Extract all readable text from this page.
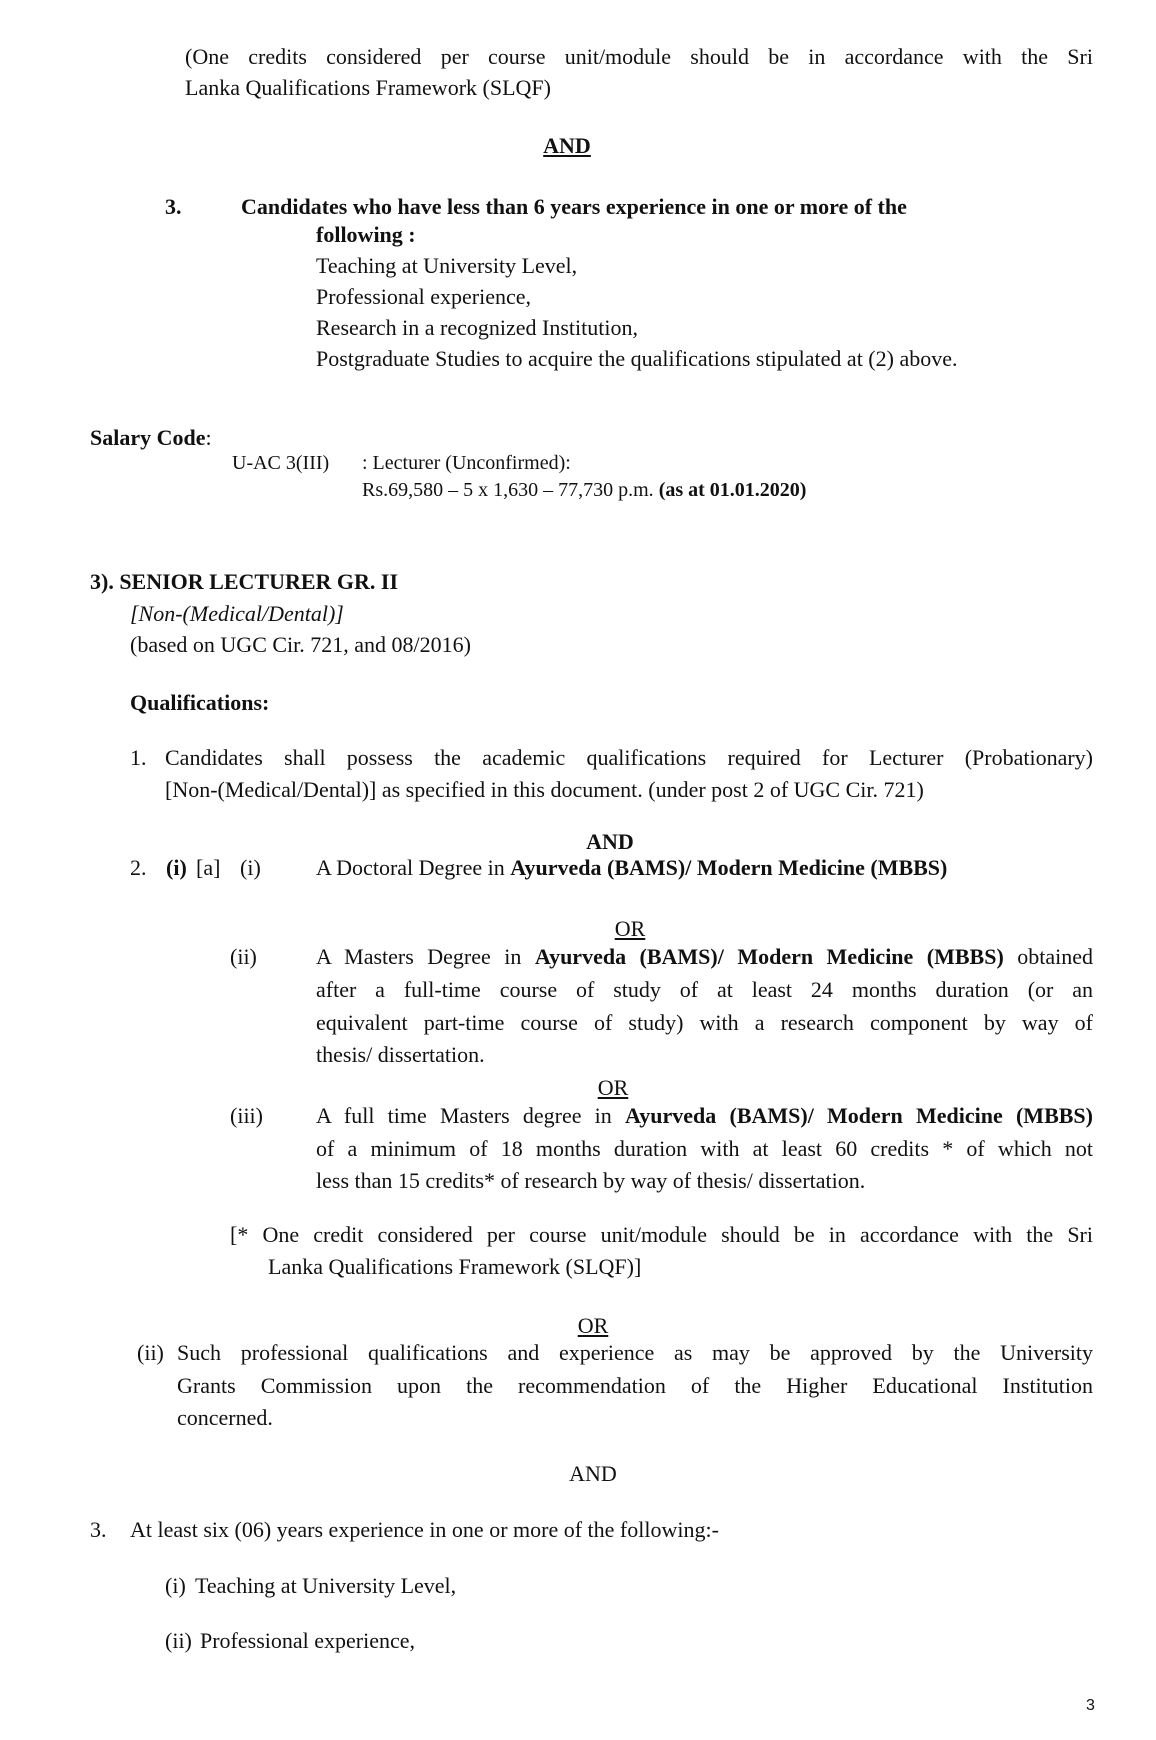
(One credits considered per course unit/module should be in accordance with the Sri
Lanka Qualifications Framework (SLQF)
AND
3.	Candidates who have less than 6 years experience in one or more of the
following :
Teaching at University Level,
Professional experience,
Research in a recognized Institution,
Postgraduate Studies to acquire the qualifications stipulated at (2) above.
Salary Code:
U-AC 3(III) : Lecturer (Unconfirmed):
Rs.69,580 – 5 x 1,630 – 77,730 p.m. (as at 01.01.2020)
3). SENIOR LECTURER GR. II
[Non-(Medical/Dental)]
(based on UGC Cir. 721, and 08/2016)
Qualifications:
1. Candidates shall possess the academic qualifications required for Lecturer (Probationary)
[Non-(Medical/Dental)] as specified in this document. (under post 2 of UGC Cir. 721)
AND
2. (i) [a] (i)	A Doctoral Degree in Ayurveda (BAMS)/ Modern Medicine (MBBS)
OR
(ii)	A Masters Degree in Ayurveda (BAMS)/ Modern Medicine (MBBS) obtained
after a full-time course of study of at least 24 months duration (or an
equivalent part-time course of study) with a research component by way of
thesis/ dissertation.
OR
(iii) A full time Masters degree in Ayurveda (BAMS)/ Modern Medicine (MBBS)
of a minimum of 18 months duration with at least 60 credits * of which not
less than 15 credits* of research by way of thesis/ dissertation.
[* One credit considered per course unit/module should be in accordance with the Sri
Lanka Qualifications Framework (SLQF)]
OR
(ii) Such professional qualifications and experience as may be approved by the University
Grants Commission upon the recommendation of the Higher Educational Institution
concerned.
AND
3. At least six (06) years experience in one or more of the following:-
(i) Teaching at University Level,
(ii) Professional experience,
3
